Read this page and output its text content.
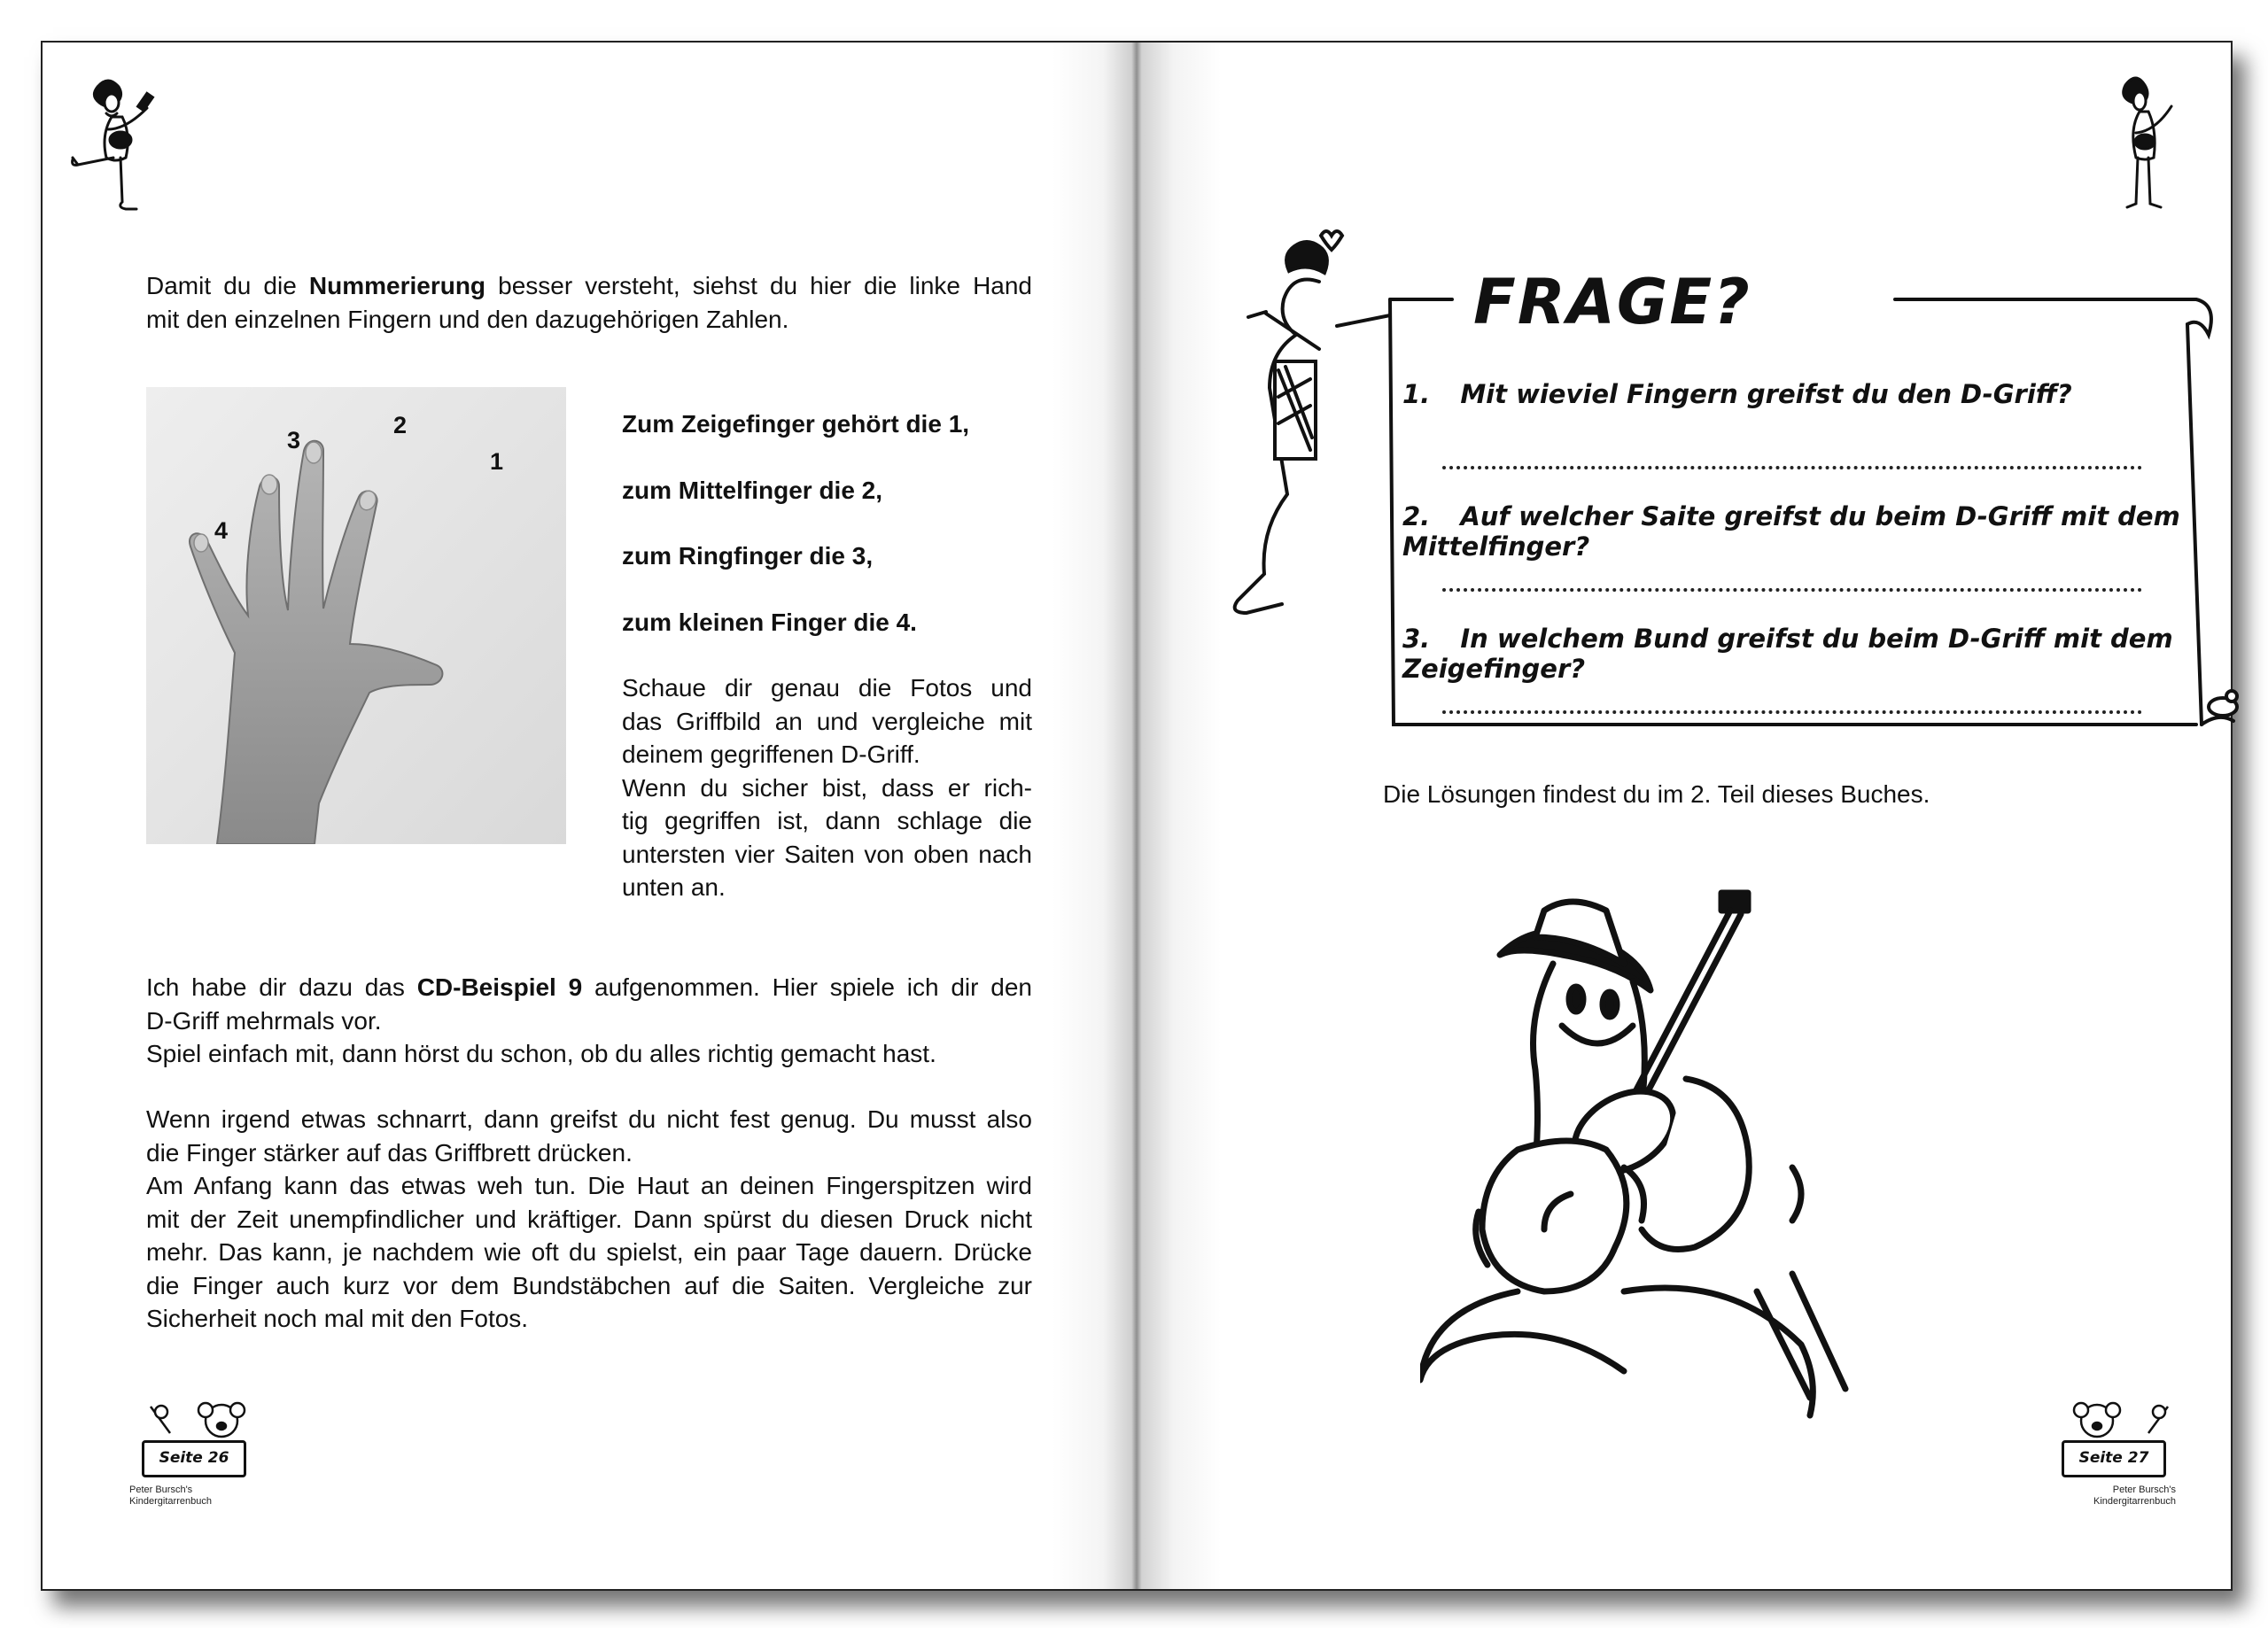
Damit du die Nummerierung besser versteht, siehst du hier die linke Hand
mit den einzelnen Fingern und den dazugehörigen Zahlen.
1
2
3
4
Zum Zeigefinger gehört die 1,
zum Mittelfinger die 2,
zum Ringfinger die 3,
zum kleinen Finger die 4.
Schaue dir genau die Fotos und
das Griffbild an und vergleiche mit
deinem gegriffenen D-Griff.
Wenn du sicher bist, dass er rich-
tig gegriffen ist, dann schlage die
untersten vier Saiten von oben nach
unten an.
Ich habe dir dazu das CD-Beispiel 9 aufgenommen. Hier spiele ich dir den
D-Griff mehrmals vor.
Spiel einfach mit, dann hörst du schon, ob du alles richtig gemacht hast.
Wenn irgend etwas schnarrt, dann greifst du nicht fest genug. Du musst also
die Finger stärker auf das Griffbrett drücken.
Am Anfang kann das etwas weh tun. Die Haut an deinen Fingerspitzen wird
mit der Zeit unempfindlicher und kräftiger. Dann spürst du diesen Druck nicht
mehr. Das kann, je nachdem wie oft du spielst, ein paar Tage dauern. Drücke
die Finger auch kurz vor dem Bundstäbchen auf die Saiten. Vergleiche zur
Sicherheit noch mal mit den Fotos.
Seite 26
Peter Bursch's
Kindergitarrenbuch
FRAGE?
1. Mit wieviel Fingern greifst du den D-Griff?
2. Auf welcher Saite greifst du beim D-Griff mit dem Mittelfinger?
3. In welchem Bund greifst du beim D-Griff mit dem Zeigefinger?
Die Lösungen findest du im 2. Teil dieses Buches.
Seite 27
Peter Bursch's
Kindergitarrenbuch
